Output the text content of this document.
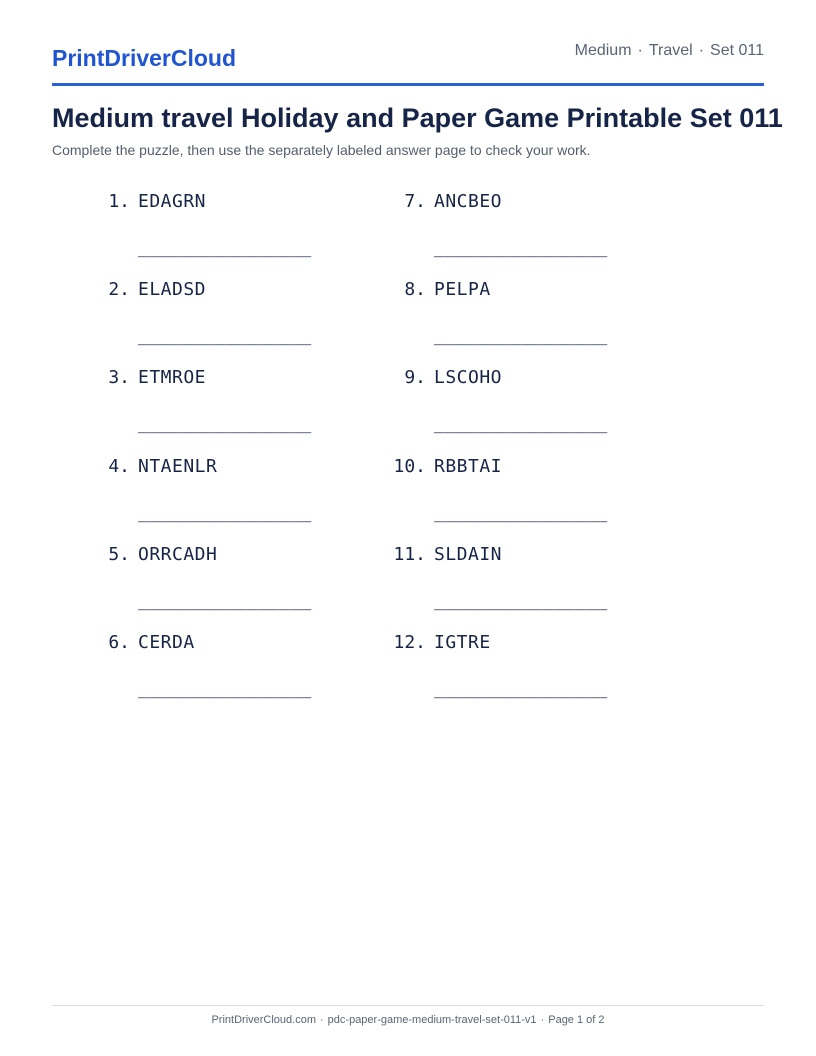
PrintDriverCloud	Medium · Travel · Set 011
Medium travel Holiday and Paper Game Printable Set 011

Complete the puzzle, then use the separately labeled answer page to check your work.

1. EDAGRN
________________
2. ELADSD
________________
3. ETMROE
________________
4. NTAENLR
________________
5. ORRCADH
________________
6. CERDA
________________
7. ANCBEO
________________
8. PELPA
________________
9. LSCOHO
________________
10. RBBTAI
________________
11. SLDAIN
________________
12. IGTRE
________________
PrintDriverCloud.com · pdc-paper-game-medium-travel-set-011-v1 · Page 1 of 2
